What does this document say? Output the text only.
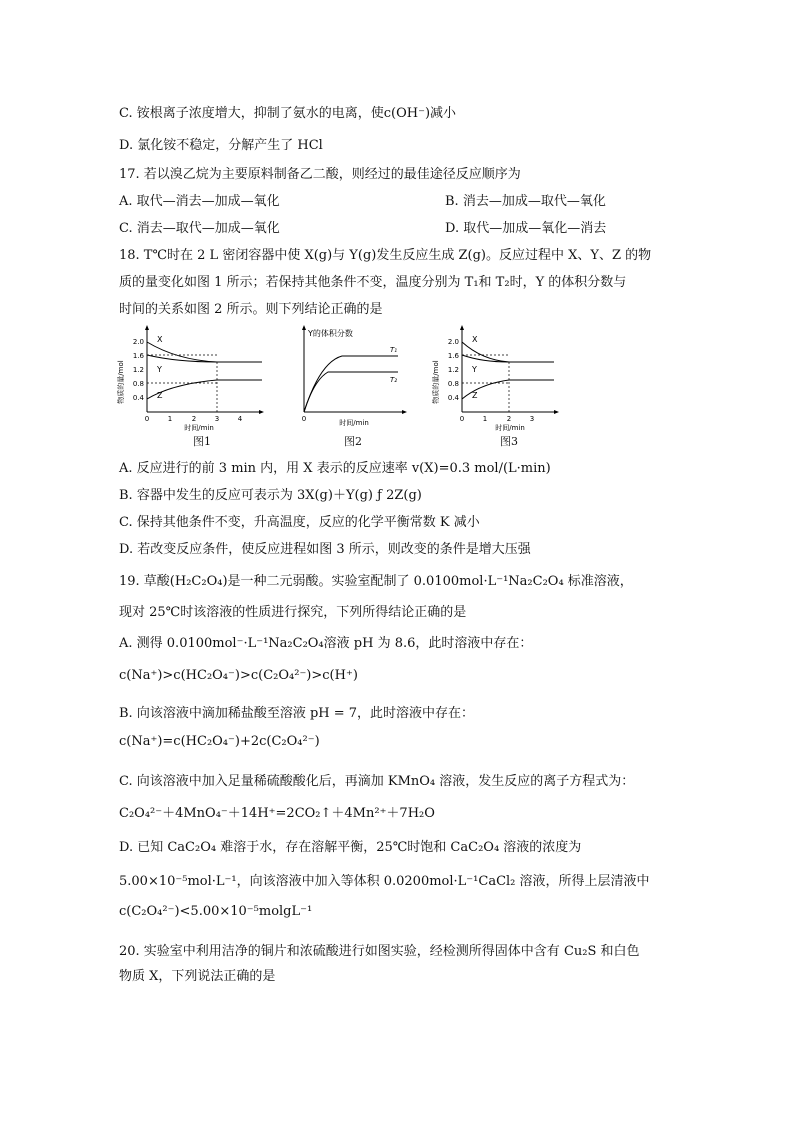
C. 铵根离子浓度增大，抑制了氨水的电离，使c(OH⁻)减小
D. 氯化铵不稳定，分解产生了 HCl
17. 若以溴乙烷为主要原料制备乙二酸，则经过的最佳途径反应顺序为
A. 取代—消去—加成—氧化	B. 消去—加成—取代—氧化
C. 消去—取代—加成—氧化	D. 取代—加成—氧化—消去
18. T℃时在 2 L 密闭容器中使 X(g)与 Y(g)发生反应生成 Z(g)。反应过程中 X、Y、Z 的物
质的量变化如图 1 所示；若保持其他条件不变，温度分别为 T₁和 T₂时，Y 的体积分数与
时间的关系如图 2 所示。则下列结论正确的是
物质的量/mol
2.0
1.6
1.2
0.8
0.4
X
Y
Z
0	1	2	3	4
时间/min
图1
Y的体积分数
T₁
T₂
0	时间/min
图2
物质的量/mol
2.0
1.6
1.2
0.8
0.4
X
Y
Z
0	1	2	3
时间/min
图3
A. 反应进行的前 3 min 内，用 X 表示的反应速率 v(X)=0.3 mol/(L·min)
B. 容器中发生的反应可表示为 3X(g)＋Y(g) ƒ 2Z(g)
C. 保持其他条件不变，升高温度，反应的化学平衡常数 K 减小
D. 若改变反应条件，使反应进程如图 3 所示，则改变的条件是增大压强
19. 草酸(H₂C₂O₄)是一种二元弱酸。实验室配制了 0.0100mol·L⁻¹Na₂C₂O₄ 标准溶液，
现对 25℃时该溶液的性质进行探究，下列所得结论正确的是
A. 测得 0.0100mol⁻·L⁻¹Na₂C₂O₄溶液 pH 为 8.6，此时溶液中存在：
c(Na⁺)>c(HC₂O₄⁻)>c(C₂O₄²⁻)>c(H⁺)
B. 向该溶液中滴加稀盐酸至溶液 pH = 7，此时溶液中存在：
c(Na⁺)=c(HC₂O₄⁻)+2c(C₂O₄²⁻)
C. 向该溶液中加入足量稀硫酸酸化后，再滴加 KMnO₄ 溶液，发生反应的离子方程式为：
C₂O₄²⁻＋4MnO₄⁻＋14H⁺=2CO₂↑＋4Mn²⁺＋7H₂O
D. 已知 CaC₂O₄ 难溶于水，存在溶解平衡，25℃时饱和 CaC₂O₄ 溶液的浓度为
5.00×10⁻⁵mol·L⁻¹，向该溶液中加入等体积 0.0200mol·L⁻¹CaCl₂ 溶液，所得上层清液中
c(C₂O₄²⁻)<5.00×10⁻⁵molgL⁻¹
20. 实验室中利用洁净的铜片和浓硫酸进行如图实验，经检测所得固体中含有 Cu₂S 和白色
物质 X，下列说法正确的是
